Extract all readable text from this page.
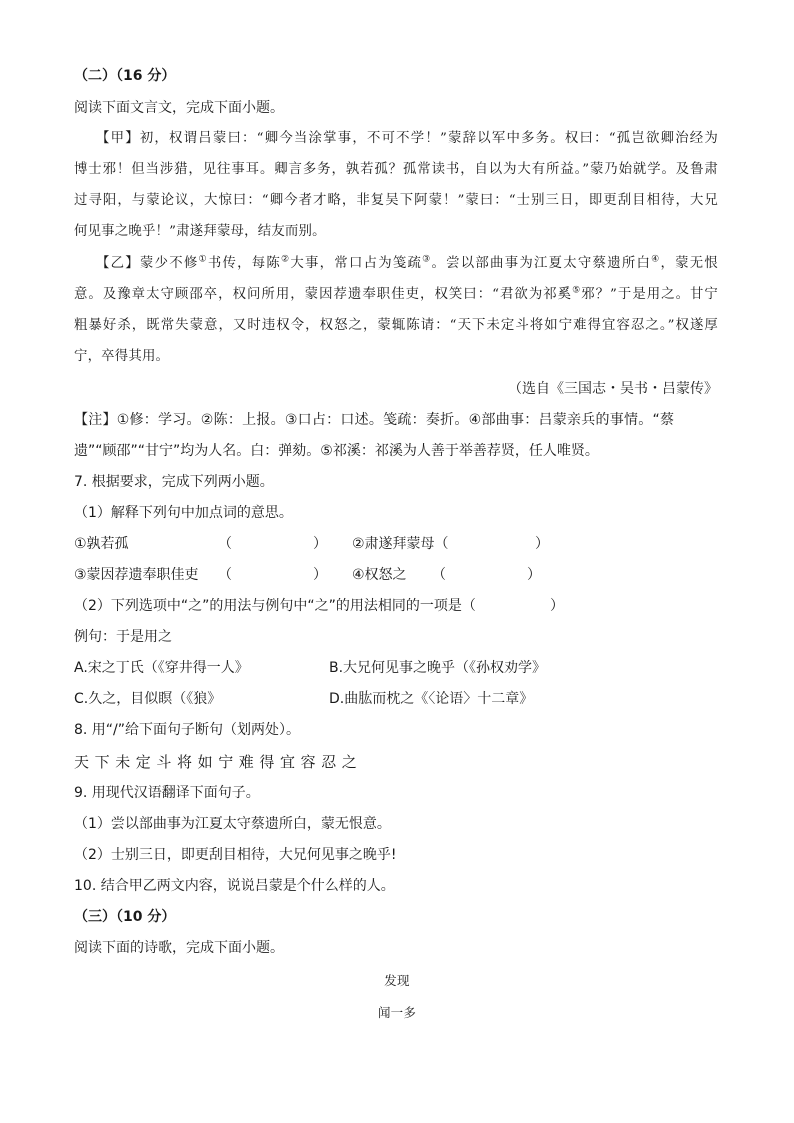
（二）（16 分）
阅读下面文言文，完成下面小题。
【甲】初，权谓吕蒙曰：“卿今当涂掌事，不可不学！”蒙辞以军中多务。权曰：“孤岂欲卿治经为
博士邪！但当涉猎，见往事耳。卿言多务，孰若孤？孤常读书，自以为大有所益。”蒙乃始就学。及鲁肃
过寻阳，与蒙论议，大惊曰：“卿今者才略，非复吴下阿蒙！”蒙曰：“士别三日，即更刮目相待，大兄
何见事之晚乎！”肃遂拜蒙母，结友而别。
【乙】蒙少不修①书传，每陈②大事，常口占为笺疏③。尝以部曲事为江夏太守蔡遗所白④，蒙无恨
意。及豫章太守顾邵卒，权问所用，蒙因荐遗奉职佳吏，权笑曰：“君欲为祁奚⑤邪？”于是用之。甘宁
粗暴好杀，既常失蒙意，又时违权令，权怒之，蒙辄陈请：“天下未定斗将如宁难得宜容忍之。”权遂厚
宁，卒得其用。
（选自《三国志・吴书・吕蒙传》
【注】①修：学习。②陈：上报。③口占：口述。笺疏：奏折。④部曲事：吕蒙亲兵的事情。“蔡
遗”“顾邵”“甘宁”均为人名。白：弹劾。⑤祁溪：祁溪为人善于举善荐贤，任人唯贤。
7. 根据要求，完成下列两小题。
（1）解释下列句中加点词的意思。
①孰若孤	（	） ②肃遂拜蒙母（	）
③蒙因荐遗奉职佳吏 （	） ④权怒之 （	）
（2）下列选项中“之”的用法与例句中“之”的用法相同的一项是（	）
例句：于是用之
A.宋之丁氏（《穿井得一人》	B.大兄何见事之晚乎（《孙权劝学》
C.久之，目似瞑（《狼》	D.曲肱而枕之《〈论语〉十二章》
8. 用“/”给下面句子断句（划两处）。
天下未定斗将如宁难得宜容忍之
9. 用现代汉语翻译下面句子。
（1）尝以部曲事为江夏太守蔡遗所白，蒙无恨意。
（2）士别三日，即更刮目相待，大兄何见事之晚乎!
10. 结合甲乙两文内容，说说吕蒙是个什么样的人。
（三）（10 分）
阅读下面的诗歌，完成下面小题。
发现
闻一多
